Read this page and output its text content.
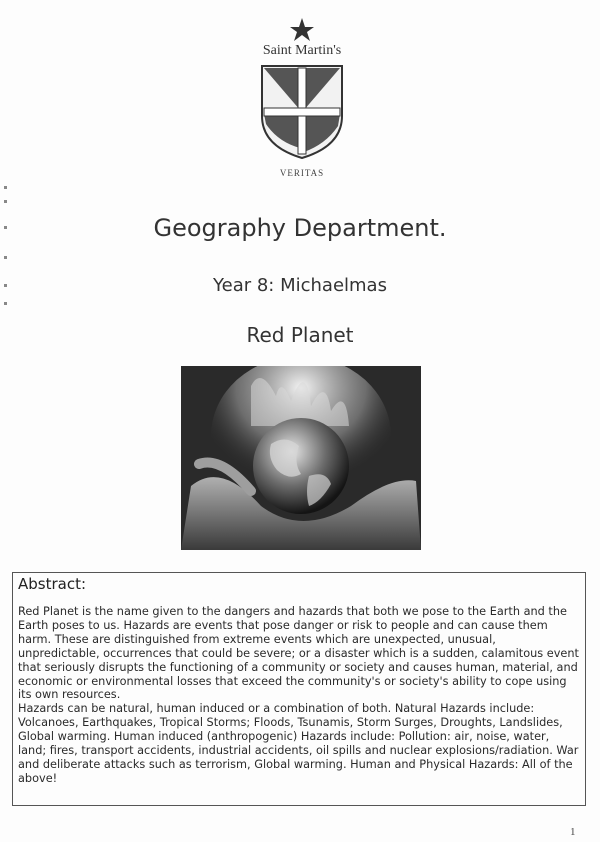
Saint Martin's
VERITAS
Geography Department.
Year 8: Michaelmas
Red Planet

Abstract:

Red Planet is the name given to the dangers and hazards that both we pose to the Earth and the Earth poses to us. Hazards are events that pose danger or risk to people and can cause them harm. These are distinguished from extreme events which are unexpected, unusual, unpredictable, occurrences that could be severe; or a disaster which is a sudden, calamitous event that seriously disrupts the functioning of a community or society and causes human, material, and economic or environmental losses that exceed the community's or society's ability to cope using its own resources.
Hazards can be natural, human induced or a combination of both. Natural Hazards include: Volcanoes, Earthquakes, Tropical Storms; Floods, Tsunamis, Storm Surges, Droughts, Landslides, Global warming. Human induced (anthropogenic) Hazards include: Pollution: air, noise, water, land; fires, transport accidents, industrial accidents, oil spills and nuclear explosions/radiation. War and deliberate attacks such as terrorism, Global warming. Human and Physical Hazards: All of the above!

1
